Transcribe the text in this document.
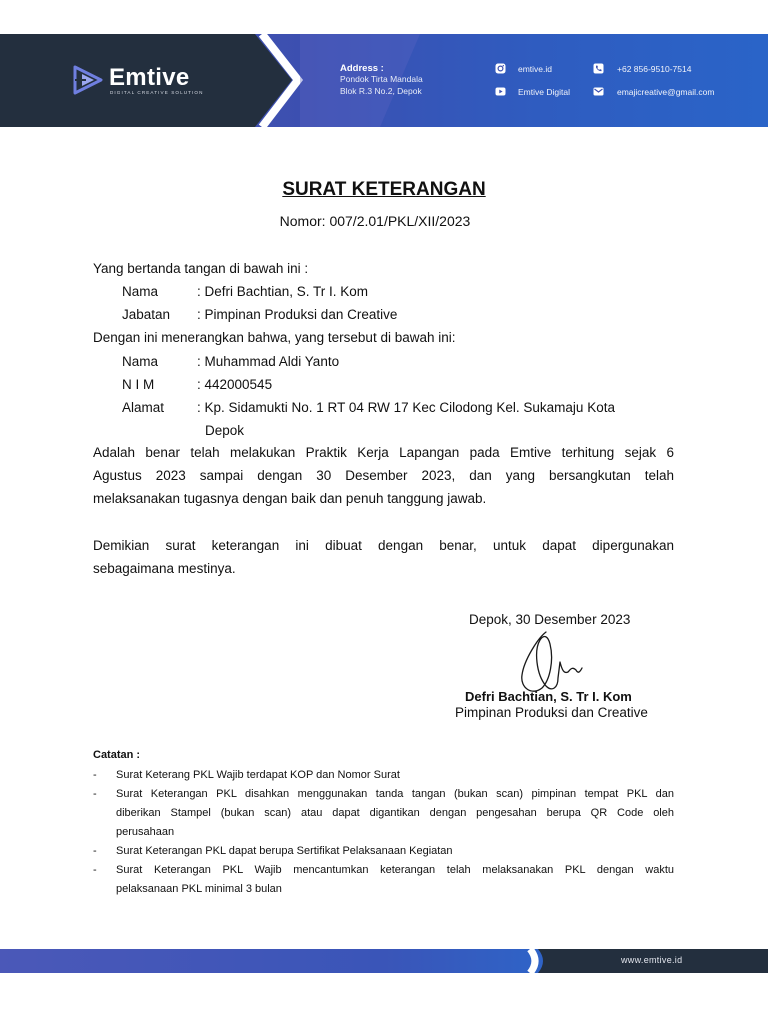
Emtive
DIGITAL CREATIVE SOLUTION
Address :
Pondok Tirta Mandala
Blok R.3 No.2, Depok
emtive.id
Emtive Digital
+62 856-9510-7514
emajicreative@gmail.com
SURAT KETERANGAN
Nomor: 007/2.01/PKL/XII/2023
Yang bertanda tangan di bawah ini :
Nama	: Defri Bachtian, S. Tr I. Kom
Jabatan : Pimpinan Produksi dan Creative
Dengan ini menerangkan bahwa, yang tersebut di bawah ini:
Nama	: Muhammad Aldi Yanto
N I M	: 442000545
Alamat : Kp. Sidamukti No. 1 RT 04 RW 17 Kec Cilodong Kel. Sukamaju Kota
Depok
Adalah benar telah melakukan Praktik Kerja Lapangan pada Emtive terhitung sejak 6
Agustus 2023 sampai dengan 30 Desember 2023, dan yang bersangkutan telah
melaksanakan tugasnya dengan baik dan penuh tanggung jawab.
Demikian surat keterangan ini dibuat dengan benar, untuk dapat dipergunakan
sebagaimana mestinya.
Depok, 30 Desember 2023
Defri Bachtian, S. Tr I. Kom
Pimpinan Produksi dan Creative
Catatan :
- Surat Keterang PKL Wajib terdapat KOP dan Nomor Surat
- Surat Keterangan PKL disahkan menggunakan tanda tangan (bukan scan) pimpinan tempat PKL dan
diberikan Stampel (bukan scan) atau dapat digantikan dengan pengesahan berupa QR Code oleh
perusahaan
- Surat Keterangan PKL dapat berupa Sertifikat Pelaksanaan Kegiatan
- Surat Keterangan PKL Wajib mencantumkan keterangan telah melaksanakan PKL dengan waktu
pelaksanaan PKL minimal 3 bulan
www.emtive.id
